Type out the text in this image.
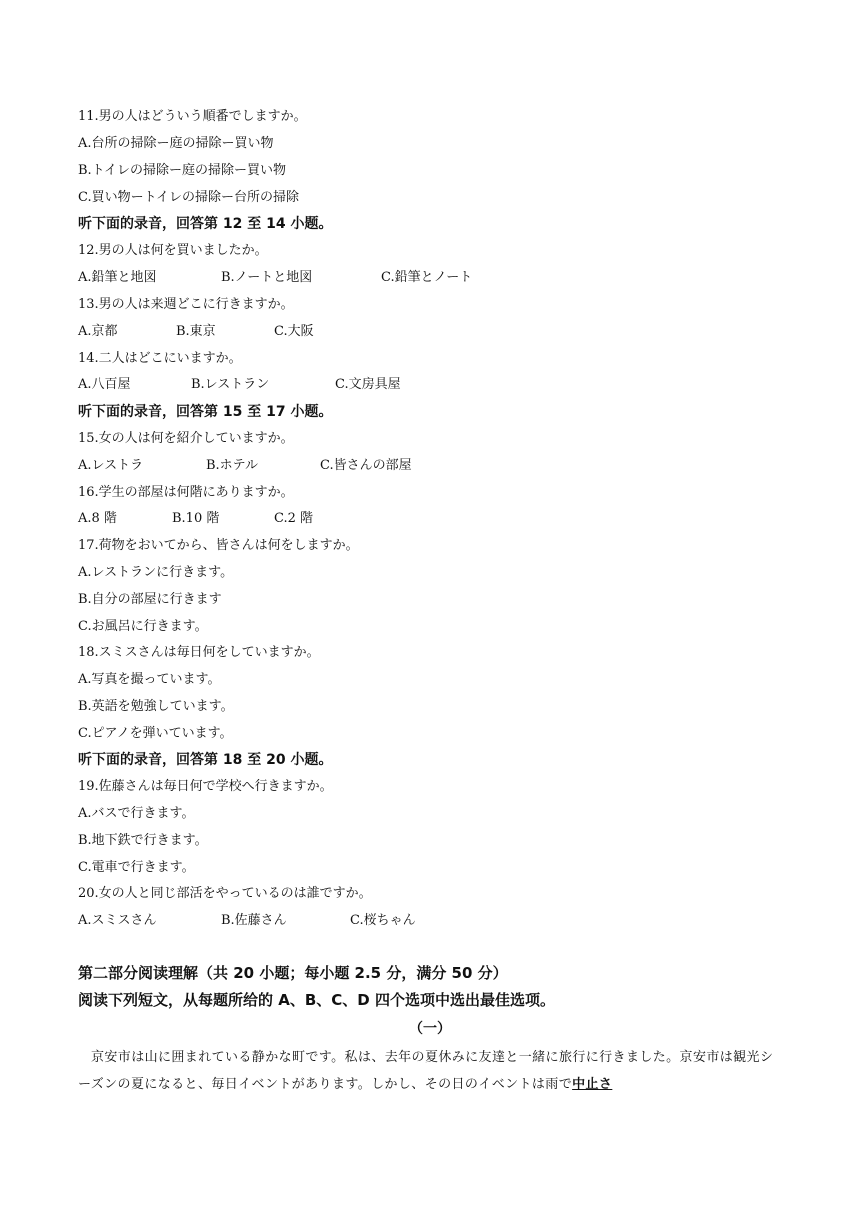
11.男の人はどういう順番でしますか。
A.台所の掃除ー庭の掃除ー買い物
B.トイレの掃除ー庭の掃除ー買い物
C.買い物ートイレの掃除ー台所の掃除
听下面的录音，回答第 12 至 14 小题。
12.男の人は何を買いましたか。
A.鉛筆と地図	B.ノートと地図	C.鉛筆とノート
13.男の人は来週どこに行きますか。
A.京都	B.東京	C.大阪
14.二人はどこにいますか。
A.八百屋	B.レストラン	C.文房具屋
听下面的录音，回答第 15 至 17 小题。
15.女の人は何を紹介していますか。
A.レストラ	B.ホテル	C.皆さんの部屋
16.学生の部屋は何階にありますか。
A.8 階	B.10 階	C.2 階
17.荷物をおいてから、皆さんは何をしますか。
A.レストランに行きます。
B.自分の部屋に行きます
C.お風呂に行きます。
18.スミスさんは毎日何をしていますか。
A.写真を撮っています。
B.英語を勉強しています。
C.ピアノを弾いています。
听下面的录音，回答第 18 至 20 小题。
19.佐藤さんは毎日何で学校へ行きますか。
A.バスで行きます。
B.地下鉄で行きます。
C.電車で行きます。
20.女の人と同じ部活をやっているのは誰ですか。
A.スミスさん	B.佐藤さん	C.桜ちゃん
第二部分阅读理解（共 20 小题；每小题 2.5 分，满分 50 分）
阅读下列短文，从每题所给的 A、B、C、D 四个选项中选出最佳选项。
（一）
京安市は山に囲まれている静かな町です。私は、去年の夏休みに友達と一緒に旅行に行きました。京安市は観光シーズンの夏になると、毎日イベントがあります。しかし、その日のイベントは雨で中止さ
